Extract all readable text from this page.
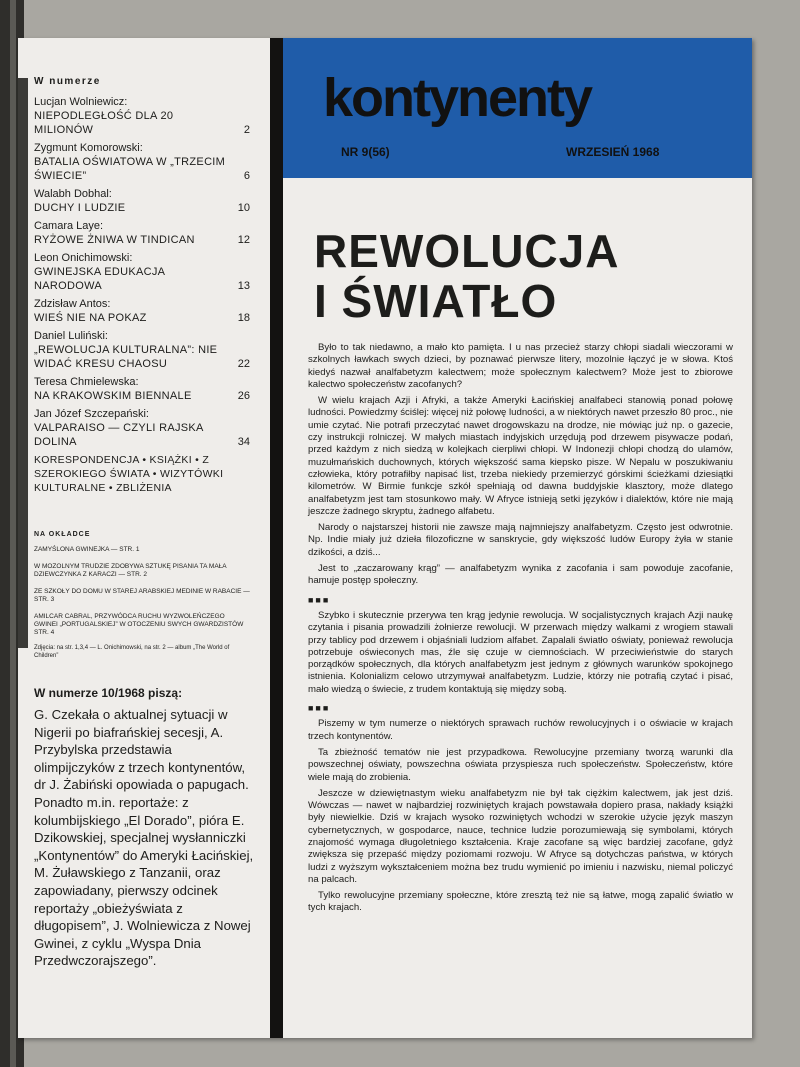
kontynenty
NR 9(56)	WRZESIEŃ 1968
W numerze
Lucjan Wolniewicz:
NIEPODLEGŁOŚĆ DLA 20 MILIONÓW	2
Zygmunt Komorowski:
BATALIA OŚWIATOWA W „TRZECIM ŚWIECIE”	6
Walabh Dobhal:
DUCHY I LUDZIE	10
Camara Laye:
RYŻOWE ŻNIWA W TINDICAN	12
Leon Onichimowski:
GWINEJSKA EDUKACJA NARODOWA	13
Zdzisław Antos:
WIEŚ NIE NA POKAZ	18
Daniel Luliński:
„REWOLUCJA KULTURALNA”: NIE WIDAĆ KRESU CHAOSU	22
Teresa Chmielewska:
NA KRAKOWSKIM BIENNALE	26
Jan Józef Szczepański:
VALPARAISO — CZYLI RAJSKA DOLINA	34
KORESPONDENCJA • KSIĄŻKI • Z SZEROKIEGO ŚWIATA • WIZYTÓWKI KULTURALNE • ZBLIŻENIA
NA OKŁADCE
ZAMYŚLONA GWINEJKA — STR. 1
W MOZOLNYM TRUDZIE ZDOBYWA SZTUKĘ PISANIA TA MAŁA DZIEWCZYNKA Z KARACZI — STR. 2
ZE SZKOŁY DO DOMU W STAREJ ARABSKIEJ MEDINIE W RABACIE — STR. 3
AMILCAR CABRAL, PRZYWÓDCA RUCHU WYZWOLEŃCZEGO GWINEI „PORTUGALSKIEJ” W OTOCZENIU SWYCH GWARDZISTÓW STR. 4
Zdjęcia: na str. 1,3,4 — L. Onichimowski, na str. 2 — album „The World of Children”
W numerze 10/1968 piszą:
G. Czekała o aktualnej sytuacji w Nigerii po biafrańskiej secesji, A. Przybylska przedstawia olimpijczyków z trzech kontynentów, dr J. Żabiński opowiada o papugach. Ponadto m.in. reportaże: z kolumbijskiego „El Dorado”, pióra E. Dzikowskiej, specjalnej wysłanniczki „Kontynentów” do Ameryki Łacińskiej, M. Żuławskiego z Tanzanii, oraz zapowiadany, pierwszy odcinek reportaży „obieżyświata z długopisem”, J. Wolniewicza z Nowej Gwinei, z cyklu „Wyspa Dnia Przedwczorajszego”.
REWOLUCJA
I ŚWIATŁO

Było to tak niedawno, a mało kto pamięta. I u nas przecież starzy chłopi siadali wieczorami w szkolnych ławkach swych dzieci, by poznawać pierwsze litery, mozolnie łączyć je w słowa. Ktoś kiedyś nazwał analfabetyzm kalectwem; może społecznym kalectwem? Może jest to zbiorowe kalectwo społeczeństw zacofanych?

W wielu krajach Azji i Afryki, a także Ameryki Łacińskiej analfabeci stanowią ponad połowę ludności. Powiedzmy ściślej: więcej niż połowę ludności, a w niektórych nawet przeszło 80 proc., nie umie czytać. Nie potrafi przeczytać nawet drogowskazu na drodze, nie mówiąc już np. o gazecie, czy instrukcji rolniczej. W małych miastach indyjskich urzędują pod drzewem pisywacze podań, przed każdym z nich siedzą w kolejkach cierpliwi chłopi. W Indonezji chłopi chodzą do ulamów, muzułmańskich duchownych, których większość sama kiepsko pisze. W Nepalu w poszukiwaniu człowieka, który potrafiłby napisać list, trzeba niekiedy przemierzyć górskimi ścieżkami dziesiątki kilometrów. W Birmie funkcje szkół spełniają od dawna buddyjskie klasztory, może dlatego analfabetyzm jest tam stosunkowo mały. W Afryce istnieją setki języków i dialektów, które nie mają jeszcze żadnego skryptu, żadnego alfabetu.

Narody o najstarszej historii nie zawsze mają najmniejszy analfabetyzm. Często jest odwrotnie. Np. Indie miały już dzieła filozoficzne w sanskrycie, gdy większość ludów Europy żyła w stanie dzikości, a dziś...

Jest to „zaczarowany krąg” — analfabetyzm wynika z zacofania i sam powoduje zacofanie, hamuje postęp społeczny.

■■■

Szybko i skutecznie przerywa ten krąg jedynie rewolucja. W socjalistycznych krajach Azji naukę czytania i pisania prowadzili żołnierze rewolucji. W przerwach między walkami z wrogiem stawali przy tablicy pod drzewem i objaśniali ludziom alfabet. Zapalali światło oświaty, ponieważ rewolucja potrzebuje oświeconych mas, źle się czuje w ciemnościach. W przeciwieństwie do starych porządków społecznych, dla których analfabetyzm jest jednym z głównych warunków spokojnego istnienia. Kolonializm celowo utrzymywał analfabetyzm. Ludzie, którzy nie potrafią czytać i pisać, mało wiedzą o świecie, z trudem kontaktują się między sobą.

■■■

Piszemy w tym numerze o niektórych sprawach ruchów rewolucyjnych i o oświacie w krajach trzech kontynentów.

Ta zbieżność tematów nie jest przypadkowa. Rewolucyjne przemiany tworzą warunki dla powszechnej oświaty, powszechna oświata przyspiesza ruch społeczeństw. Społeczeństw, które wiele mają do zrobienia.

Jeszcze w dziewiętnastym wieku analfabetyzm nie był tak ciężkim kalectwem, jak jest dziś. Wówczas — nawet w najbardziej rozwiniętych krajach powstawała dopiero prasa, nakłady książki były niewielkie. Dziś w krajach wysoko rozwiniętych wchodzi w szerokie użycie język maszyn cybernetycznych, w gospodarce, nauce, technice ludzie porozumiewają się symbolami, których znajomość wymaga długoletniego kształcenia. Kraje zacofane są więc bardziej zacofane, gdyż zwiększa się przepaść między poziomami rozwoju. W Afryce są dotychczas państwa, w których ludzi z wyższym wykształceniem można bez trudu wymienić po imieniu i nazwisku, niemal policzyć na palcach.

Tylko rewolucyjne przemiany społeczne, które zresztą też nie są łatwe, mogą zapalić światło w tych krajach.
